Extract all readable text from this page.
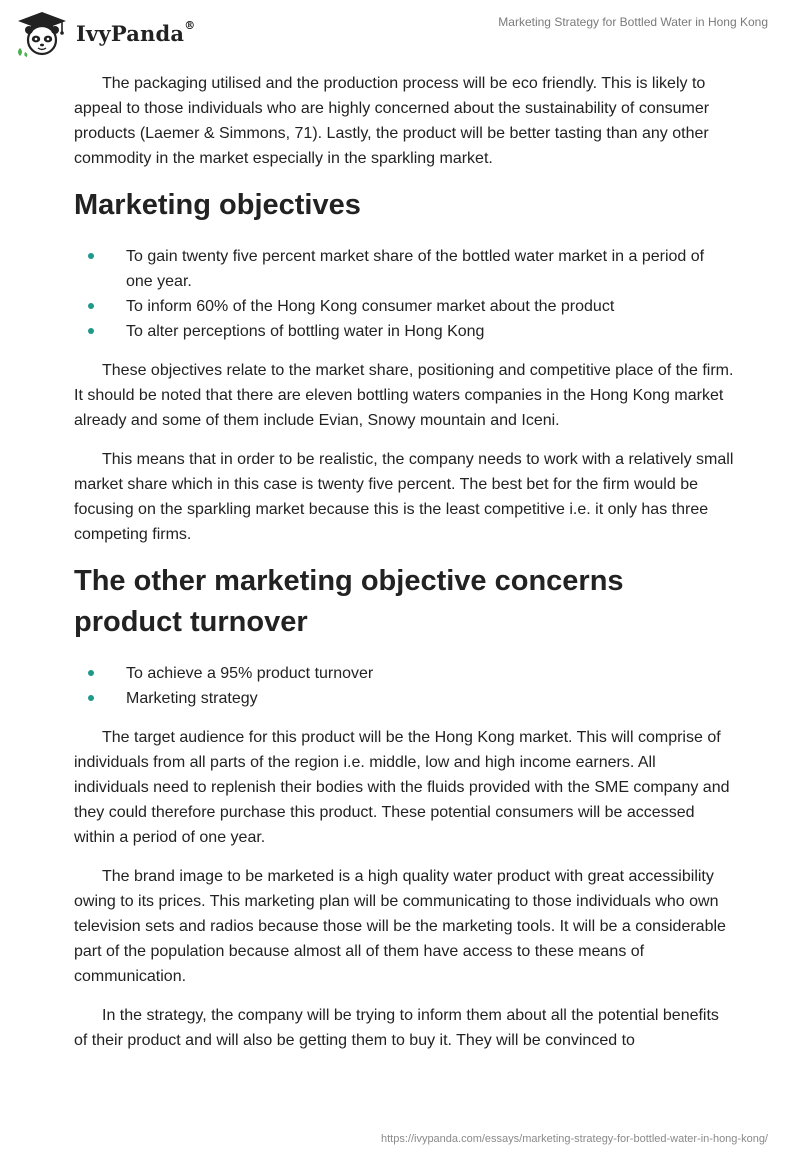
IvyPanda®	Marketing Strategy for Bottled Water in Hong Kong

The packaging utilised and the production process will be eco friendly. This is likely to appeal to those individuals who are highly concerned about the sustainability of consumer products (Laemer & Simmons, 71). Lastly, the product will be better tasting than any other commodity in the market especially in the sparkling market.

Marketing objectives
To gain twenty five percent market share of the bottled water market in a period of one year.
To inform 60% of the Hong Kong consumer market about the product
To alter perceptions of bottling water in Hong Kong

These objectives relate to the market share, positioning and competitive place of the firm. It should be noted that there are eleven bottling waters companies in the Hong Kong market already and some of them include Evian, Snowy mountain and Iceni.

This means that in order to be realistic, the company needs to work with a relatively small market share which in this case is twenty five percent. The best bet for the firm would be focusing on the sparkling market because this is the least competitive i.e. it only has three competing firms.

The other marketing objective concerns product turnover
To achieve a 95% product turnover
Marketing strategy

The target audience for this product will be the Hong Kong market. This will comprise of individuals from all parts of the region i.e. middle, low and high income earners. All individuals need to replenish their bodies with the fluids provided with the SME company and they could therefore purchase this product. These potential consumers will be accessed within a period of one year.

The brand image to be marketed is a high quality water product with great accessibility owing to its prices. This marketing plan will be communicating to those individuals who own television sets and radios because those will be the marketing tools. It will be a considerable part of the population because almost all of them have access to these means of communication.

In the strategy, the company will be trying to inform them about all the potential benefits of their product and will also be getting them to buy it. They will be convinced to

https://ivypanda.com/essays/marketing-strategy-for-bottled-water-in-hong-kong/
